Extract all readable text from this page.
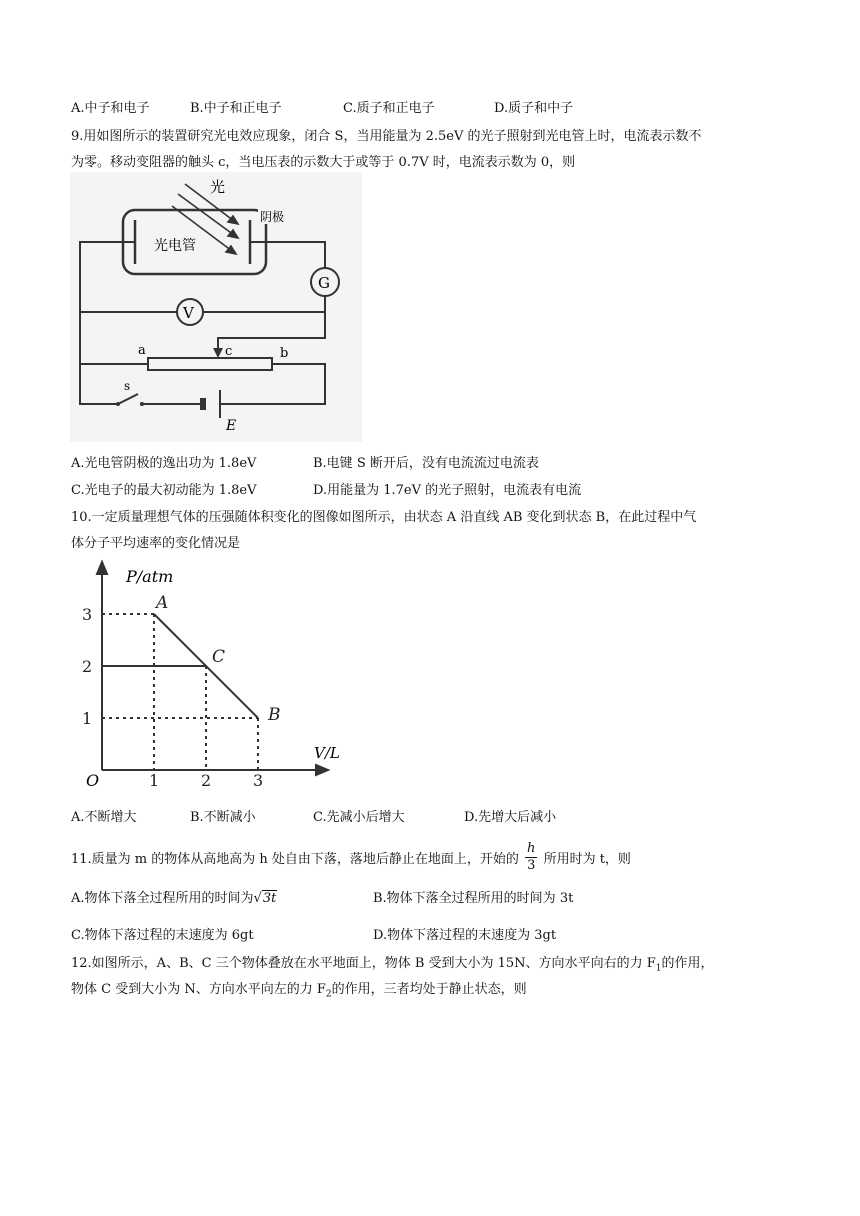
A.中子和电子	B.中子和正电子	C.质子和正电子	D.质子和中子
9.用如图所示的装置研究光电效应现象，闭合 S，当用能量为 2.5eV 的光子照射到光电管上时，电流表示数不
为零。移动变阻器的触头 c，当电压表的示数大于或等于 0.7V 时，电流表示数为 0，则
光
光电管
阴极
G
V
a	c	b
s
E
A.光电管阴极的逸出功为 1.8eV	B.电键 S 断开后，没有电流流过电流表
C.光电子的最大初动能为 1.8eV	D.用能量为 1.7eV 的光子照射，电流表有电流
10.一定质量理想气体的压强随体积变化的图像如图所示，由状态 A 沿直线 AB 变化到状态 B，在此过程中气
体分子平均速率的变化情况是
A
C
B
1	2	3
1
2
3
P/atm
V/L
O
A.不断增大	B.不断减小	C.先减小后增大	D.先增大后减小
11.质量为 m 的物体从高地高为 h 处自由下落，落地后静止在地面上，开始的 $\frac{h}{3}$ 所用时为 t，则
A.物体下落全过程所用的时间为√3t	B.物体下落全过程所用的时间为 3t
C.物体下落过程的末速度为 6gt	D.物体下落过程的末速度为 3gt
12.如图所示，A、B、C 三个物体叠放在水平地面上，物体 B 受到大小为 15N、方向水平向右的力 $F_1$的作用，
物体 C 受到大小为 N、方向水平向左的力 $F_2$的作用，三者均处于静止状态，则
